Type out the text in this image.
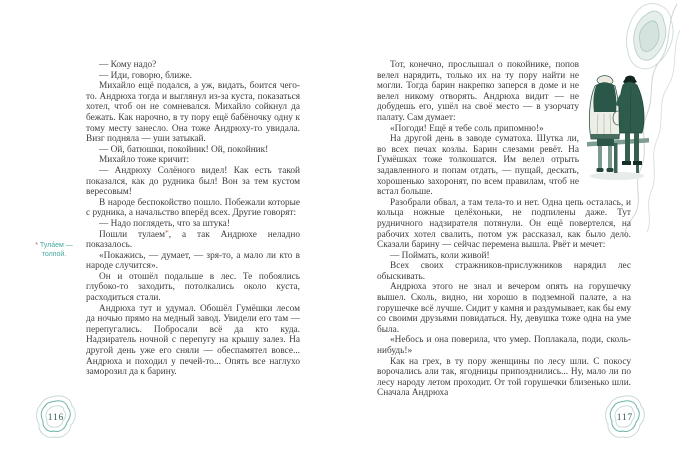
— Кому надо?

— Иди, говорю, ближе.

Михайло ещё подался, а уж, видать, боится чего-то. Андрюха тогда и выглянул из-за куста, показаться хотел, чтоб он не сомневался. Михайло сойкнул да бежать. Как нарочно, в ту пору ещё бабёночку одну к тому месту занесло. Она тоже Андрюху-то увидала. Визг подняла — уши затыкай.

— Ой, батюшки, покойник! Ой, покойник!

Михайло тоже кричит:

— Андрюху Солёного видел! Как есть такой показался, как до рудника был! Вон за тем кустом вересовым!

В народе беспокойство пошло. Побежали которые с рудника, а начальство вперёд всех. Другие говорят:

— Надо поглядеть, что за штука!

Пошли тулаем*, а так Андрюхе неладно показалось.

«Покажись, — думает, — зря-то, а мало ли кто в народе случится».

Он и отошёл подальше в лес. Те побоялись глубоко-то заходить, потолкались около куста, расходиться стали.

Андрюха тут и удумал. Обошёл Гумёшки лесом да ночью прямо на медный завод. Увидели его там — перепугались. Побросали всё да кто куда. Надзиратель ночной с перепугу на крышу залез. На другой день уже его сняли — обеспамятел вовсе... Андрюха и походил у печей-то... Опять все наглухо заморозил да к барину.

* Тула́ем — толпой.
116

Тот, конечно, прослышал о покойнике, попов велел нарядить, только их на ту пору найти не могли. Тогда барин накрепко заперся в доме и не велел никому отворять. Андрюха видит — не добудешь его, ушёл на своё место — в узорчату палату. Сам думает:

«Погоди! Ещё я тебе соль припомню!»

На другой день в заводе суматоха. Шутка ли, во всех печах козлы. Барин слезами ревёт. На Гумёшках тоже толкошатся. Им велел отрыть задавленного и попам отдать, — пущай, дескать, хорошенько захоронят, по всем правилам, чтоб не встал больше.

Разобрали обвал, а там тела-то и нет. Одна цепь осталась, и кольца ножные целёхоньки, не подпилены даже. Тут рудничного надзирателя потянули. Он ещё повертелся, на рабочих хотел свалить, потом уж рассказал, как было дело. Сказали барину — сейчас перемена вышла. Рвёт и мечет:

— Поймать, коли живой!

Всех своих стражников-прислужников нарядил лес обыскивать.

Андрюха этого не знал и вечером опять на горушечку вышел. Сколь, видно, ни хорошо в подземной палате, а на горушечке всё лучше. Сидит у камня и раздумывает, как бы ему со своими друзьями повидаться. Ну, девушка тоже одна на уме была.

«Небось и она поверила, что умер. Поплакала, поди, сколь-нибудь!»

Как на грех, в ту пору женщины по лесу шли. С покосу ворочались али так, ягодницы припозднились... Ну, мало ли по лесу народу летом проходит. От той горушечки близенько шли. Сначала Андрюха

117
